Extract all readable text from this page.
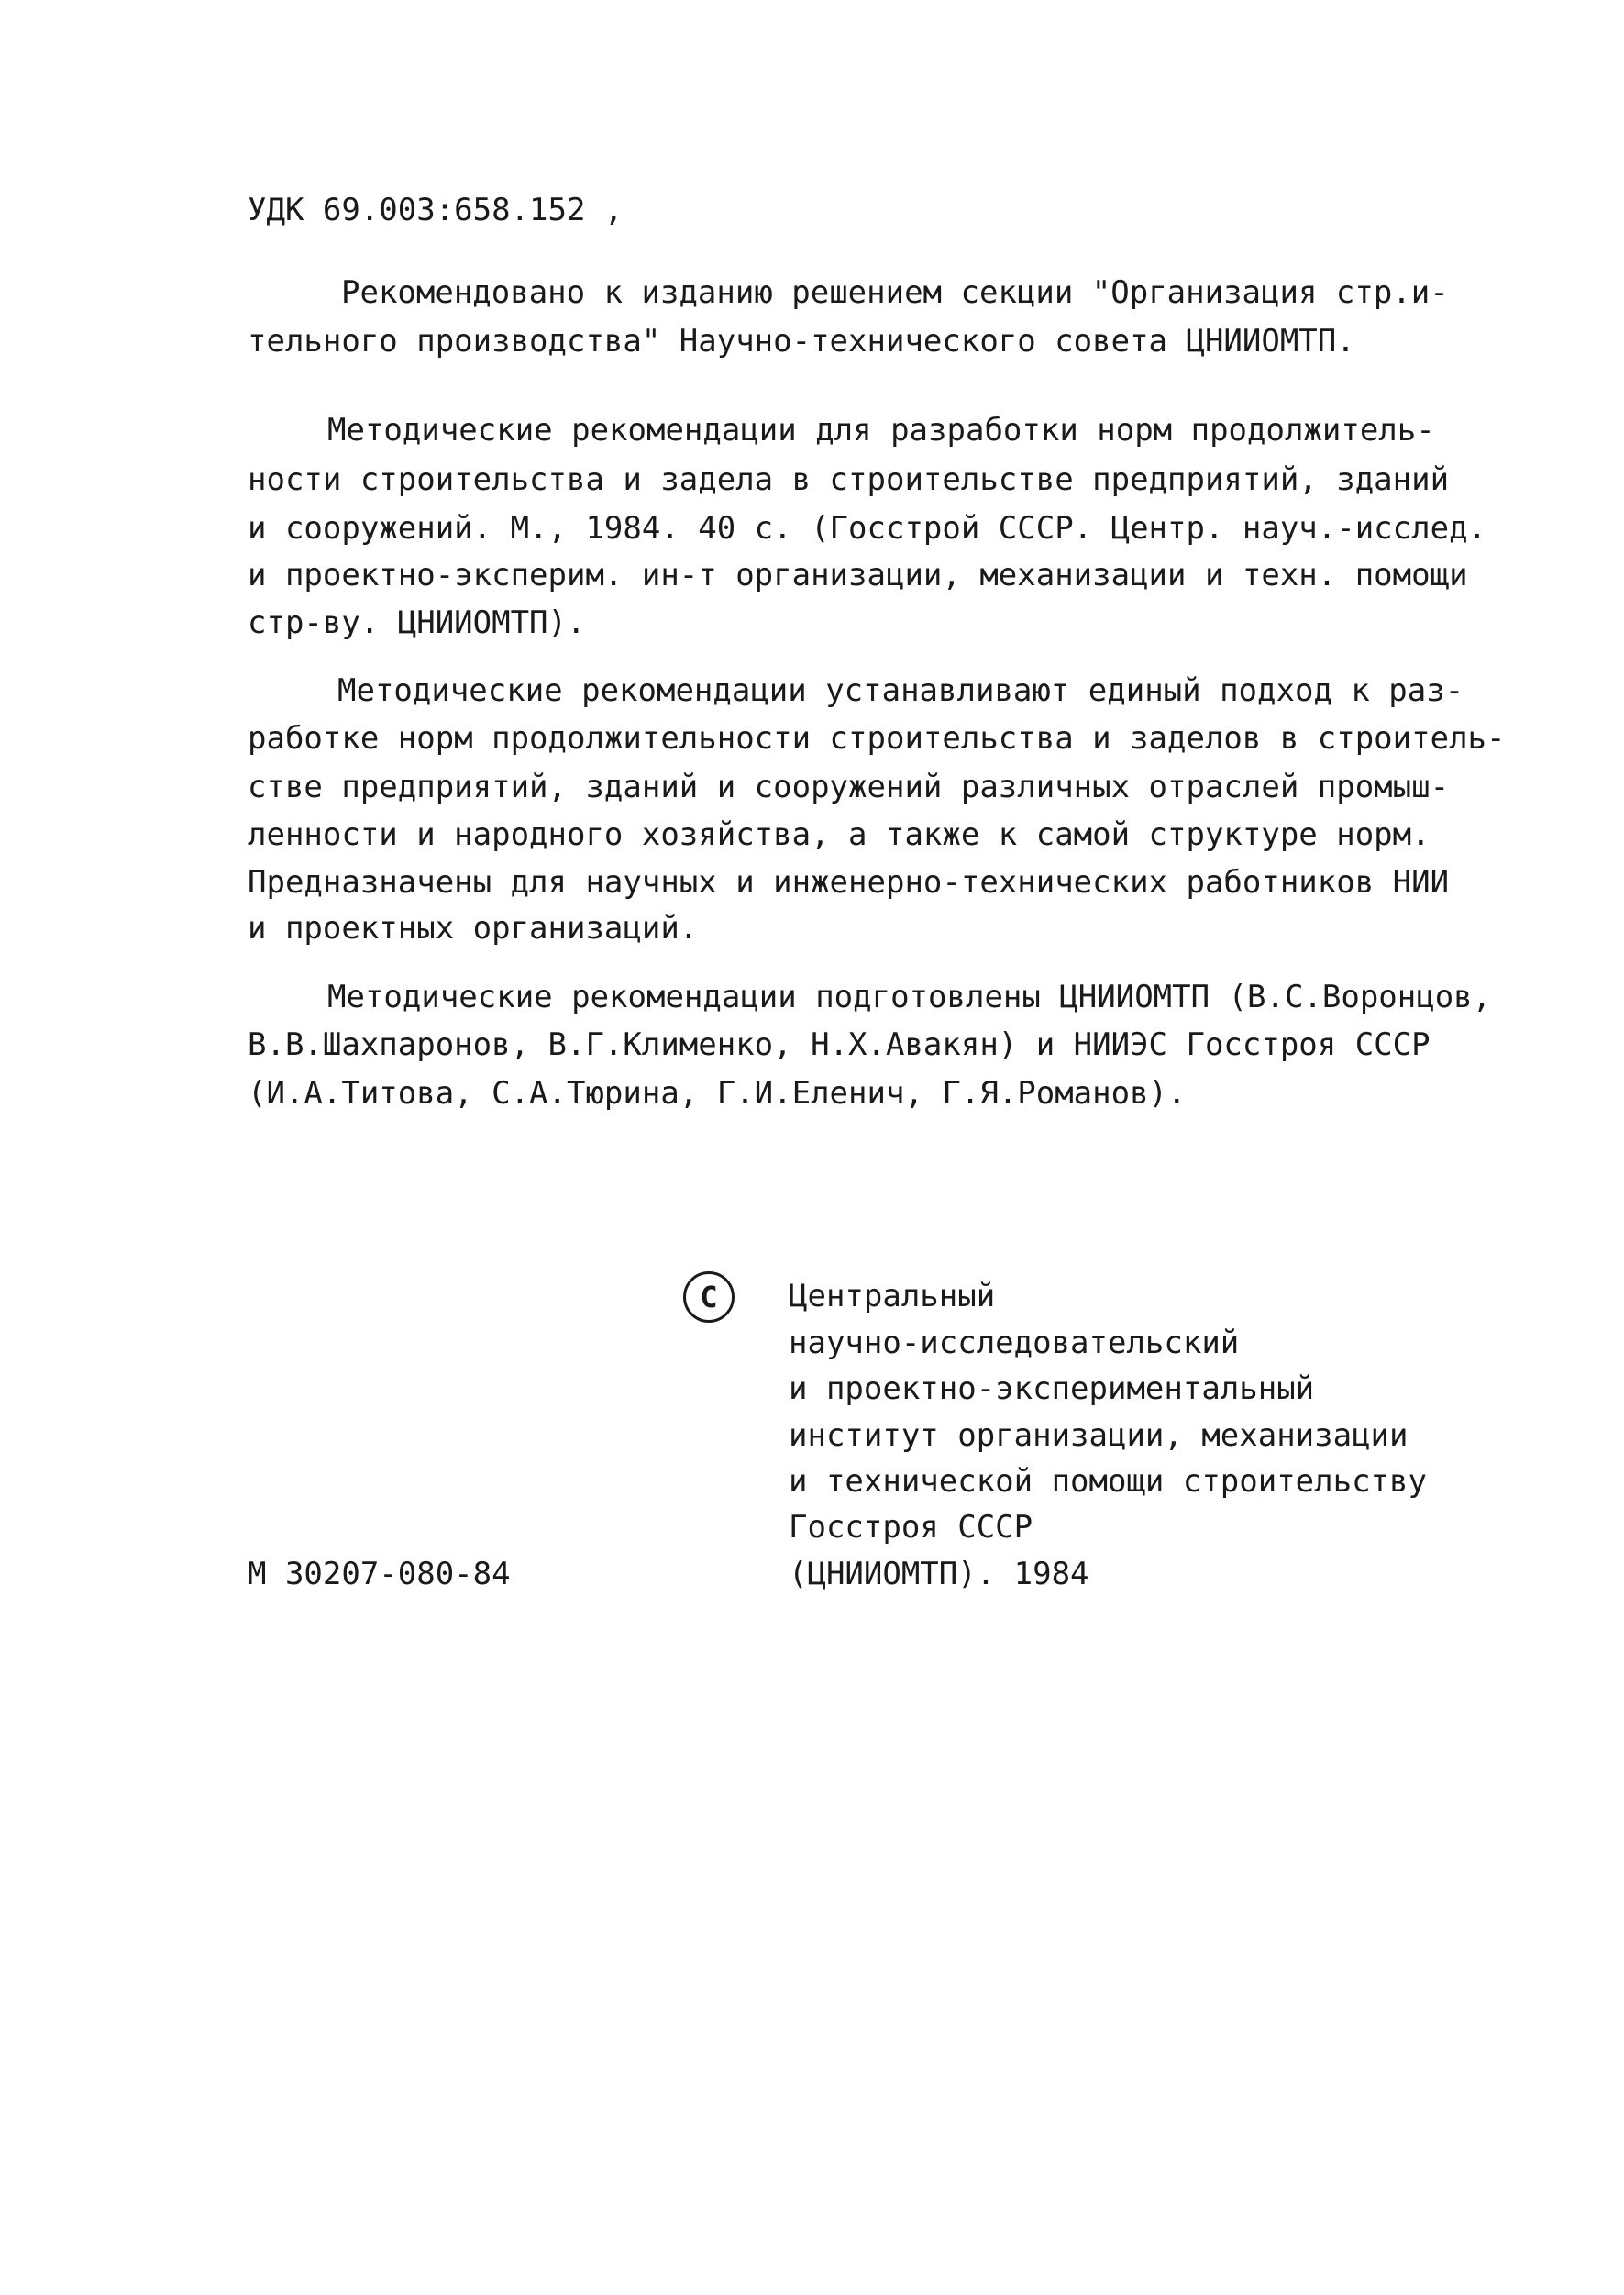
УДК 69.003:658.152 ,
Рекомендовано к изданию решением секции "Организация стр.и-
тельного производства" Научно-технического совета ЦНИИОМТП.
Методические рекомендации для разработки норм продолжитель-
ности строительства и задела в строительстве предприятий, зданий
и сооружений. М., 1984. 40 с. (Госстрой СССР. Центр. науч.-исслед.
и проектно-эксперим. ин-т организации, механизации и техн. помощи
стр-ву. ЦНИИОМТП).
Методические рекомендации устанавливают единый подход к раз-
работке норм продолжительности строительства и заделов в строитель-
стве предприятий, зданий и сооружений различных отраслей промыш-
ленности и народного хозяйства, а также к самой структуре норм.
Предназначены для научных и инженерно-технических работников НИИ
и проектных организаций.
Методические рекомендации подготовлены ЦНИИОМТП (В.С.Воронцов,
В.В.Шахпаронов, В.Г.Клименко, Н.Х.Авакян) и НИИЭС Госстроя СССР
(И.А.Титова, С.А.Тюрина, Г.И.Еленич, Г.Я.Романов).
С Центральный
научно-исследовательский
и проектно-экспериментальный
институт организации, механизации
и технической помощи строительству
Госстроя СССР
(ЦНИИОМТП). 1984
М 30207-080-84
